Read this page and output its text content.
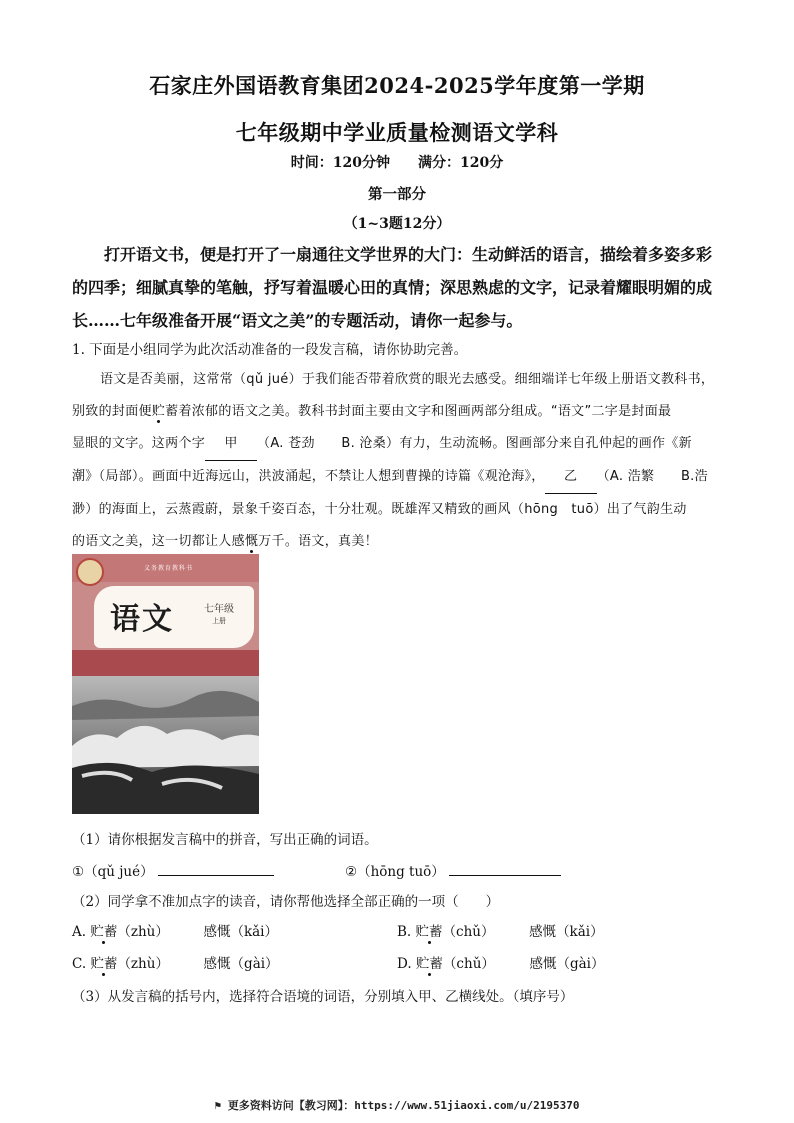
石家庄外国语教育集团2024-2025学年度第一学期
七年级期中学业质量检测语文学科
时间：120分钟　　满分：120分
第一部分
（1~3题12分）
打开语文书，便是打开了一扇通往文学世界的大门：生动鲜活的语言，描绘着多姿多彩
的四季；细腻真挚的笔触，抒写着温暖心田的真情；深思熟虑的文字，记录着耀眼明媚的成
长……七年级准备开展“语文之美”的专题活动，请你一起参与。
1. 下面是小组同学为此次活动准备的一段发言稿，请你协助完善。
语文是否美丽，这常常（qǔ jué）于我们能否带着欣赏的眼光去感受。细细端详七年级上册语文教科书，
别致的封面便贮蓄着浓郁的语文之美。教科书封面主要由文字和图画两部分组成。“语文”二字是封面最
显眼的文字。这两个字 甲 （A. 苍劲　　B. 沧桑）有力，生动流畅。图画部分来自孔仲起的画作《新
潮》（局部）。画面中近海远山，洪波涌起，不禁让人想到曹操的诗篇《观沧海》， 乙 （A. 浩繁　　B.浩
渺）的海面上，云蒸霞蔚，景象千姿百态，十分壮观。既雄浑又精致的画风（hōng　tuō）出了气韵生动
的语文之美，这一切都让人感慨万千。语文，真美！
义务教育教科书
语文	七年级
上册
（1）请你根据发言稿中的拼音，写出正确的词语。
①（qǔ jué）	②（hōng tuō）
（2）同学拿不准加点字的读音，请你帮他选择全部正确的一项（　　）
A. 贮蓄（zhù）	感慨（kǎi）	B. 贮蓄（chǔ）	感慨（kǎi）
C. 贮蓄（zhù）	感慨（gài）	D. 贮蓄（chǔ）	感慨（gài）
（3）从发言稿的括号内，选择符合语境的词语，分别填入甲、乙横线处。（填序号）
⚑ 更多资料访问【教习网】：https://www.51jiaoxi.com/u/2195370
